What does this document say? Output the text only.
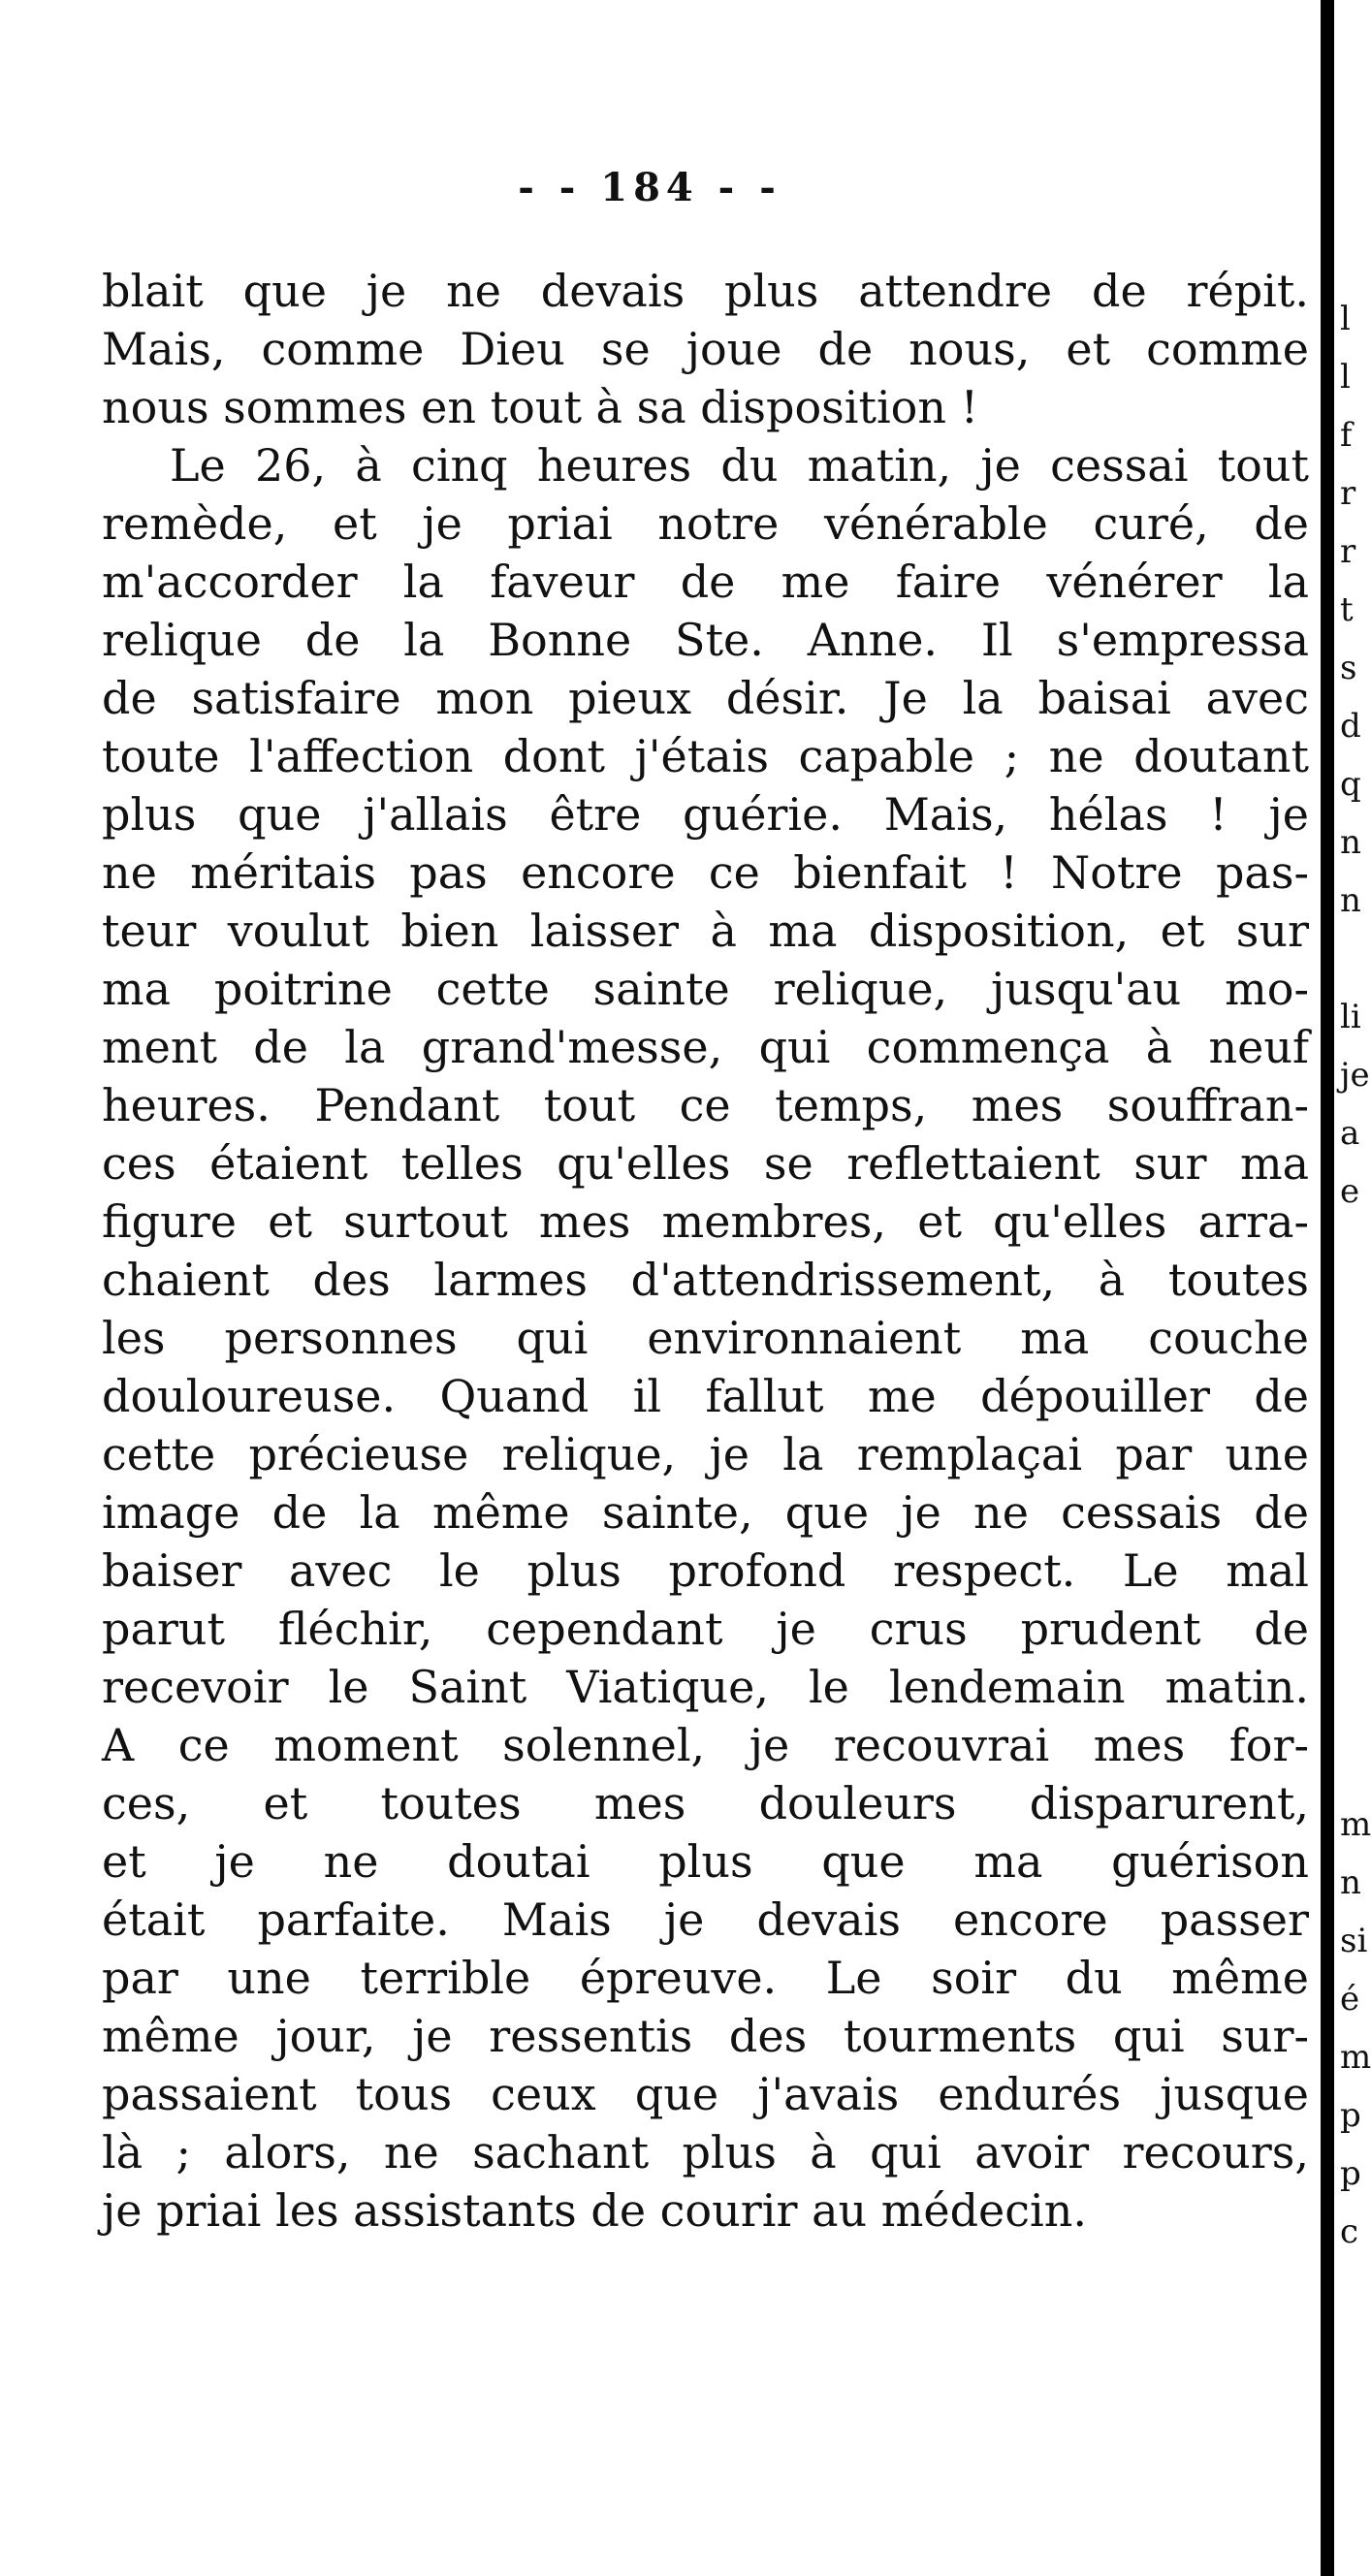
- - 184 - -
blait que je ne devais plus attendre de répit.
Mais, comme Dieu se joue de nous, et comme
nous sommes en tout à sa disposition !
Le 26, à cinq heures du matin, je cessai tout
remède, et je priai notre vénérable curé, de
m'accorder la faveur de me faire vénérer la
relique de la Bonne Ste. Anne. Il s'empressa
de satisfaire mon pieux désir. Je la baisai avec
toute l'affection dont j'étais capable ; ne doutant
plus que j'allais être guérie. Mais, hélas ! je
ne méritais pas encore ce bienfait ! Notre pas-
teur voulut bien laisser à ma disposition, et sur
ma poitrine cette sainte relique, jusqu'au mo-
ment de la grand'messe, qui commença à neuf
heures. Pendant tout ce temps, mes souffran-
ces étaient telles qu'elles se reflettaient sur ma
figure et surtout mes membres, et qu'elles arra-
chaient des larmes d'attendrissement, à toutes
les personnes qui environnaient ma couche
douloureuse. Quand il fallut me dépouiller de
cette précieuse relique, je la remplaçai par une
image de la même sainte, que je ne cessais de
baiser avec le plus profond respect. Le mal
parut fléchir, cependant je crus prudent de
recevoir le Saint Viatique, le lendemain matin.
A ce moment solennel, je recouvrai mes for-
ces, et toutes mes douleurs disparurent,
et je ne doutai plus que ma guérison
était parfaite. Mais je devais encore passer
par une terrible épreuve. Le soir du même
même jour, je ressentis des tourments qui sur-
passaient tous ceux que j'avais endurés jusque
là ; alors, ne sachant plus à qui avoir recours,
je priai les assistants de courir au médecin.
l
l
f
r
r
t
s
d
q
n
n
li
je
a
e
m
n
si
é
m
p
p
c
